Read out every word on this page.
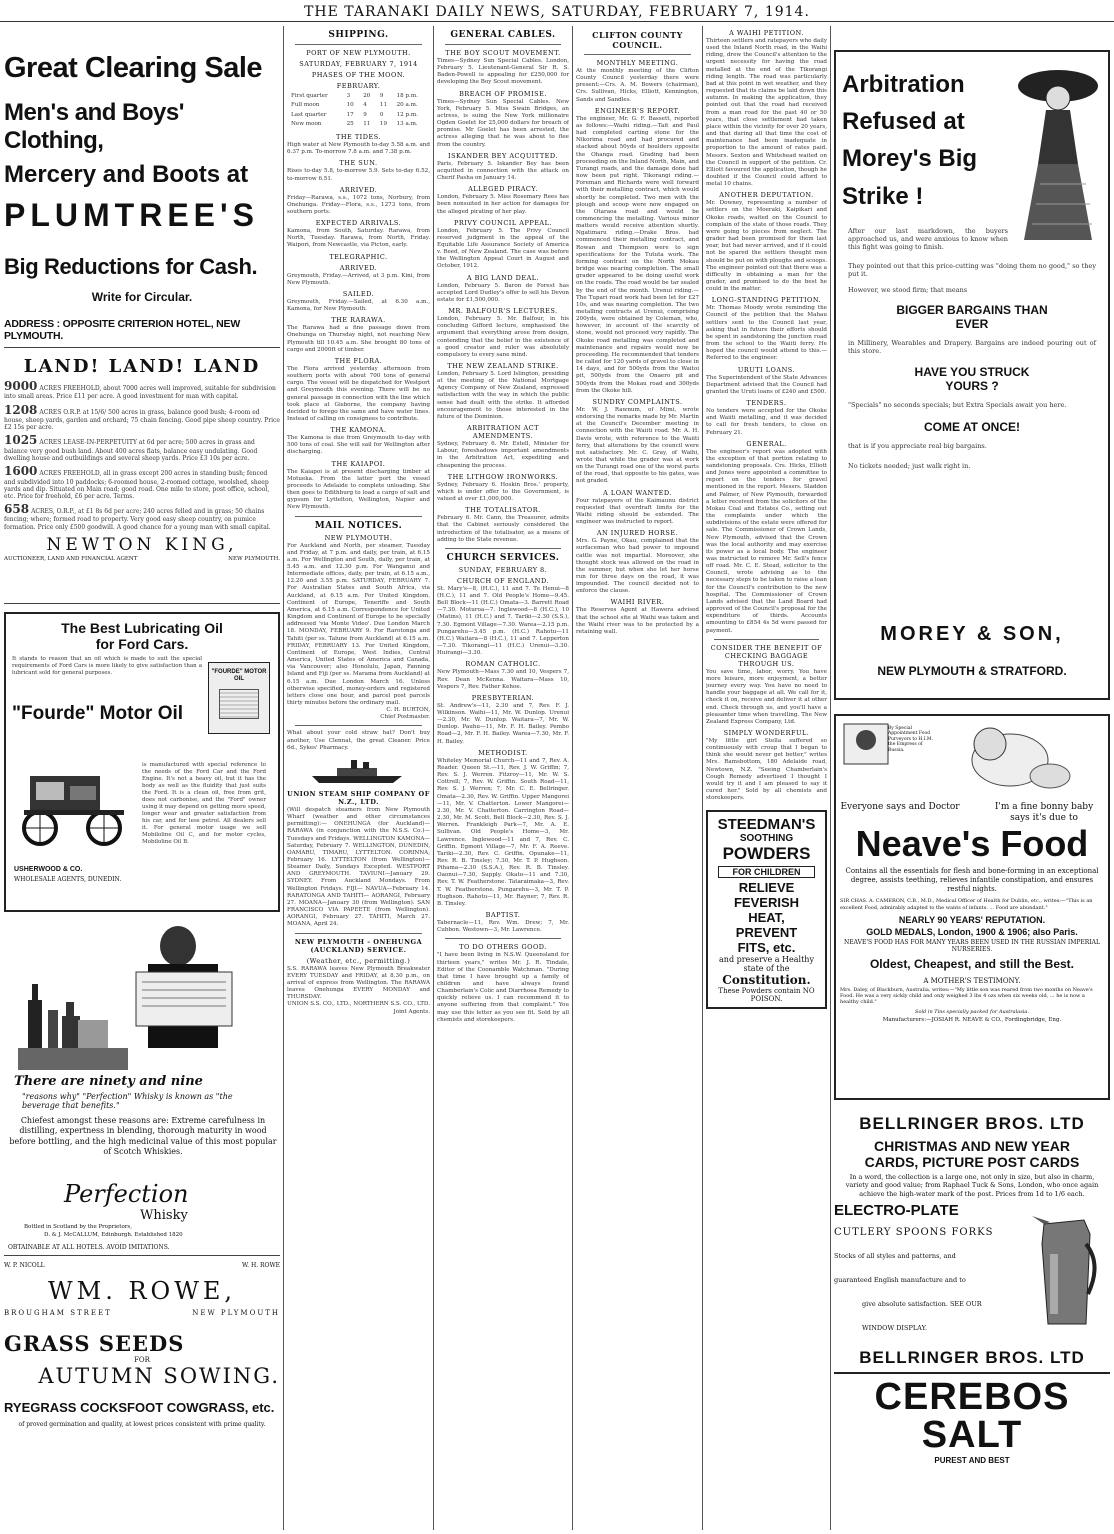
THE TARANAKI DAILY NEWS, SATURDAY, FEBRUARY 7, 1914.
Great Clearing Sale
Men's and Boys' Clothing,
Mercery and Boots at
PLUMTREE'S
Big Reductions for Cash.
Write for Circular.
ADDRESS : OPPOSITE CRITERION HOTEL, NEW PLYMOUTH.
LAND! LAND! LAND
9000 ACRES FREEHOLD, about 7000 acres well improved, suitable for subdivision into small areas. Price £11 per acre. A good investment for man with capital.
1208 ACRES O.R.P. at 15/6/ 500 acres in grass, balance good bush; 4-room ed house, sheep yards, garden and orchard; 75 chain fencing. Good pipe sheep country. Price £2 15s per acre.
1025 ACRES LEASE-IN-PERPETUITY at 6d per acre; 500 acres in grass and balance very good bush land. About 400 acres flats, balance easy undulating. Good dwelling house and outbuildings and several sheep yards. Price £3 10s per acre.
1600 ACRES FREEHOLD, all in grass except 200 acres in standing bush; fenced and subdivided into 10 paddocks; 6-roomed house, 2-roomed cottage, woolshed, sheep yards and dip. Situated on Main road; good road. One mile to store, post office, school, etc. Price for freehold, £6 per acre. Terms.
658 ACRES, O.R.P., at £1 8s 6d per acre; 240 acres felled and in grass; 50 chains fencing; where; formed road to property. Very good easy sheep country, on pumice formation. Price only £500 goodwill. A good chance for a young man with small capital.
NEWTON KING,
AUCTIONEER, LAND AND FINANCIAL AGENT	NEW PLYMOUTH.
The Best Lubricating Oil
for Ford Cars.
"FOURDE" MOTOR OIL
It stands to reason that an oil which is made to suit the special requirements of Ford Cars is more likely to give satisfaction than a lubricant sold for general purposes.
"Fourde" Motor Oil
is manufactured with special reference to the needs of the Ford Car and the Ford Engine. It's not a heavy oil, but it has the body as well as the fluidity that just suits the Ford. It is a clean oil, free from grit, does not carbonise, and the "Ford" owner using it may depend on getting more speed, longer wear and greater satisfaction from his car, and for less petrol. All dealers sell it. For general motor usage we sell Mobiloline Oil C, and for motor cycles, Mobiloline Oil B.
USHERWOOD & CO.
WHOLESALE AGENTS, DUNEDIN.
There are ninety and nine
"reasons why" "Perfection" Whisky is known as "the beverage that benefits."
Chiefest amongst these reasons are: Extreme carefulness in distilling, expertness in blending, thorough maturity in wood before bottling, and the high medicinal value of this most popular of Scotch Whiskies.
Perfection
Whisky
Bottled in Scotland by the Proprietors,
D. & J. McCALLUM, Edinburgh. Established 1820
OBTAINABLE AT ALL HOTELS. AVOID IMITATIONS.
W. P. NICOLL	W. H. ROWE
WM. ROWE,
BROUGHAM STREET	NEW PLYMOUTH
GRASS SEEDS
FOR
AUTUMN SOWING.
RYEGRASS COCKSFOOT COWGRASS, etc.
of proved germination and quality, at lowest prices consistent with prime quality.
SHIPPING.
PORT OF NEW PLYMOUTH.
SATURDAY, FEBRUARY 7, 1914
PHASES OF THE MOON.
FEBRUARY.
First quarter	3	20	9	18 p.m.
Full moon	10	4	11	20 a.m.
Last quarter	17	9	0	12 p.m.
New moon	25	11	19	13 a.m.
THE TIDES.
High water at New Plymouth to-day 5.58 a.m. and 6.37 p.m. To-morrow 7.8 a.m. and 7.38 p.m.
THE SUN.
Rises to-day 5.8, to-morrow 5.9. Sets to-day 6.52, to-morrow 6.51.
ARRIVED.
Friday—Rarawa, s.s., 1072 tons, Norbury, from Onehunga. Friday—Flora, s.s., 1273 tons, from southern ports.
EXPECTED ARRIVALS.
Kamona, from South, Saturday. Rarawa, from North, Tuesday. Rarawa, from North, Friday. Waipori, from Newcastle, via Picton, early.
TELEGRAPHIC.
ARRIVED.
Greymouth, Friday.—Arrived, at 3 p.m. Kini, from New Plymouth.
SAILED.
Greymouth, Friday.—Sailed, at 6.30 a.m., Kamona, for New Plymouth.
THE RARAWA.
The Rarawa had a fine passage down from Onehunga on Thursday night, not reaching New Plymouth till 10.45 a.m. She brought 80 tons of cargo and 2000ft of timber.
THE FLORA.
The Flora arrived yesterday afternoon from southern ports with about 700 tons of general cargo. The vessel will be dispatched for Westport and Greymouth this evening. There will be no general passage in connection with the line which took place at Gisborne, the company having decided to forego the same and have water lines. Instead of calling on consignees to contribute.
THE KAMONA.
The Kamona is due from Greymouth to-day with 500 tons of coal. She will sail for Wellington after discharging.
THE KAIAPOI.
The Kaiapoi is at present discharging timber at Motueka. From the latter port the vessel proceeds to Adelaide to complete unloading. She then goes to Edithburg to load a cargo of salt and gypsum for Lyttelton, Wellington, Napier and New Plymouth.
MAIL NOTICES.
NEW PLYMOUTH.
For Auckland and North, per steamer, Tuesday and Friday, at 7 p.m. and daily, per train, at 6.15 a.m. For Wellington and South, daily, per train, at 5.45 a.m. and 12.30 p.m. For Wanganui and Intermediate offices, daily, per train, at 6.15 a.m., 12.20 and 3.55 p.m. SATURDAY, FEBRUARY 7. For Australian States and South Africa, via Auckland, at 6.15 a.m. For United Kingdom, Continent of Europe, Teneriffe and South America, at 6.15 a.m. Correspondence for United Kingdom and Continent of Europe to be specially addressed 'via Monte Video'. Due London March 18. MONDAY, FEBRUARY 9. For Rarotonga and Tahiti (per ss. Talune from Auckland) at 6.15 a.m. FRIDAY, FEBRUARY 13. For United Kingdom, Continent of Europe, West Indies, Central America, United States of America and Canada, via Vancouver; also Honolulu, Japan, Fanning Island and Fiji (per ss. Marama from Auckland) at 6.15 a.m. Due London March 16. Unless otherwise specified, money-orders and registered letters close one hour, and parcel post parcels thirty minutes before the ordinary mail.
C. H. BURTON,
Chief Postmaster.
What about your cold straw hat? Don't buy another, Use Clennat, the great Cleaner. Price 6d., Sykes' Pharmacy.
UNION STEAM SHIP COMPANY OF N.Z., LTD.
(Will despatch steamers from New Plymouth Wharf (weather and other circumstances permitting):— ONEHUNGA (for Auckland)— RARAWA (in conjunction with the N.S.S. Co.)— Tuesdays and Fridays. WELLINGTON KAMONA—Saturday, February 7. WELLINGTON, DUNEDIN, OAMARU, TIMARU, LYTTELTON. CORINNA, February 16. LYTTELTON (from Wellington)— Steamer Daily, Sundays Excepted. WESTPORT AND GREYMOUTH. TAVIUNI—January 29. SYDNEY. From Auckland Mondays. From Wellington Fridays. FIJI— NAVUA—February 14. RARATONGA AND TAHITI— AORANGI, February 27. MOANA—January 30 (from Wellington). SAN FRANCISCO VIA PAPEETE (from Wellington). AORANGI, February 27. TAHITI, March 27. MOANA, April 24.
NEW PLYMOUTH - ONEHUNGA (AUCKLAND) SERVICE.
(Weather, etc., permitting.)
S.S. RARAWA leaves New Plymouth Breakwater EVERY TUESDAY and FRIDAY, at 8.30 p.m., on arrival of express from Wellington. The RARAWA leaves Onehunga EVERY MONDAY and THURSDAY.
UNION S.S. CO., LTD., NORTHERN S.S. CO., LTD.
Joint Agents.
GENERAL CABLES.
THE BOY SCOUT MOVEMENT.
Times—Sydney Sun Special Cables. London, February 5. Lieutenant-General Sir R. S. Baden-Powell is appealing for £250,000 for developing the Boy Scout movement.
BREACH OF PROMISE.
Times—Sydney Sun Special Cables. New York, February 5. Miss Swain Bridges, an actress, is suing the New York millionaire Ogden Goelet for 25,000 dollars for breach of promise. Mr Goelet has been arrested, the actress alleging that he was about to flee from the country.
ISKANDER BEY ACQUITTED.
Paris, February 5. Iskander Bey has been acquitted in connection with the attack on Cherif Pasha on January 14.
ALLEGED PIRACY.
London, February 5. Miss Rosemary Rees has been nonsuited in her action for damages for the alleged pirating of her play.
PRIVY COUNCIL APPEAL.
London, February 5. The Privy Council reserved judgment in the appeal of the Equitable Life Assurance Society of America v. Reed, of New Zealand. The case was before the Wellington Appeal Court in August and October, 1912.
A BIG LAND DEAL.
London, February 5. Baron de Forest has accepted Lord Dudley's offer to sell his Devon estate for £1,500,000.
MR. BALFOUR'S LECTURES.
London, February 5. Mr. Balfour, in his concluding Gifford lecture, emphasised the argument that everything arose from design, contending that the belief in the existence of a good creator and ruler was absolutely compulsory to every sane mind.
THE NEW ZEALAND STRIKE.
London, February 5. Lord Islington, presiding at the meeting of the National Mortgage Agency Company of New Zealand, expressed satisfaction with the way in which the public sense had dealt with the strike. It afforded encouragement to those interested in the future of the Dominion.
ARBITRATION ACT AMENDMENTS.
Sydney, February 6. Mr. Estell, Minister for Labour, foreshadows important amendments in the Arbitration Act, expediting and cheapening the process.
THE LITHGOW IRONWORKS.
Sydney, February 6. Hoskin Bros.' property, which is under offer to the Government, is valued at over £1,000,000.
THE TOTALISATOR.
February 6. Mr. Cann, the Treasurer, admits that the Cabinet seriously considered the introduction of the totalisator, as a means of adding to the State revenue.
CHURCH SERVICES.
SUNDAY, FEBRUARY 8.
CHURCH OF ENGLAND.
St. Mary's—8, (H.C.), 11 and 7. Te Henui—8 (H.C.), 11 and 7. Old People's Home—9.45. Bell Block—11 (H.C.) Omata—3. Barrett Road—7.30. Moturoa—7. Inglewood—8 (H.C.), 10 (Matins), 11 (H.C.) and 7. Tariki—2.30 (S.S.), 7.30. Egmont Village—7.30. Warea—2.15 p.m. Pungarehu—3.45 p.m. (H.C.) Rahotu—11 (H.C.) Waitara—8 (H.C.), 11 and 7. Lepperton—7.30. Tikorangi—11 (H.C.) Urenui—3.30. Huirangi—3.30.
ROMAN CATHOLIC.
New Plymouth—Mass 7.30 and 10, Vespers 7, Rev. Dean McKenna. Waitara—Mass 10, Vespers 7, Rev. Father Kehoe.
PRESBYTERIAN.
St. Andrew's—11, 2.30 and 7, Rev. F. J. Wilkinson. Waihi—11, Mr. W. Dunlop. Urenui—2.30, Mr. W. Dunlop. Waitara—7, Mr. W. Dunlop. Pauhu—11, Mr. F. H. Bailey. Pembo Road—2, Mr. F. H. Bailey. Warea—7.30, Mr. F. H. Bailey.
METHODIST.
Whiteley Memorial Church—11 and 7, Rev. A. Reader. Queen St.—11, Rev. J. W. Griffin; 7, Rev. S. J. Werren. Fitzroy—11, Mr. W. S. Cottrell; 7, Rev. W. Griffin. South Road—11, Rev. S. J. Werren; 7, Mr. C. E. Bellringer. Omata—2.30, Rev. W. Griffin. Upper Mangorei—11, Mr. V. Chatterton. Lower Mangorei—2.30, Mr. V. Chatterton. Carrington Road—2.30, Mr. M. Scott. Bell Block—2.30, Rev. S. J. Werren. Frankleigh Park—7, Mr. A. E. Sullivan. Old People's Home—3, Mr. Lawrence. Inglewood—11 and 7, Rev. C. Griffin. Egmont Village—7, Mr. F. A. Reeve. Tariki—2.30, Rev. C. Griffin. Opunake—11, Rev. R. B. Tinsley; 7.30, Mr. T. P. Hughson. Pihama—2.30 (S.S.A.), Rev. R. B. Tinsley. Oaonui—7.30, Supply. Okato—11 and 7.30, Rev. T. W. Featherstone. Tataraimaka—3, Rev. T. W. Featherstone. Pungarehu—3, Mr. T. P. Hughson. Rahotu—11, Mr. Rayner; 7, Rev. R. B. Tinsley.
BAPTIST.
Tabernacle—11, Rev. Wm. Drew; 7, Mr. Cubbon. Westown—3, Mr. Lawrence.
TO DO OTHERS GOOD.
"I have been living in N.S.W. Queensland for thirteen years," writes Mr. J. R. Tindale, Editor of the Coonamble Watchman. "During that time I have brought up a family of children and have always found Chamberlain's Colic and Diarrhoea Remedy to quickly relieve us. I can recommend it to anyone suffering from that complaint." You may use this letter as you see fit. Sold by all chemists and storekeepers.
CLIFTON COUNTY COUNCIL.
MONTHLY MEETING.
At the monthly meeting of the Clifton County Council yesterday there were present:—Crs. A. M. Bowers (chairman), Crs. Sullivan, Hicks, Elliott, Kennington, Sands and Sandles.
ENGINEER'S REPORT.
The engineer, Mr. G. F. Bassett, reported as follows:—Waihi riding.—Tait and Paul had completed carting stone for the Nikorima road and had procured and stacked about 50yds of boulders opposite the Ohanga road. Grading had been proceeding on the Inland North, Main, and Turangi roads, and the damage done had now been put right. Tikorangi riding.—Foreman and Richards were well forward with their metalling contract, which would shortly be completed. Two men with the plough and scoop were now engaged on the Otaraoa road and would be commencing the metalling. Various minor matters would receive attention shortly. Ngatimaru riding.—Drake Bros. had commenced their metalling contract, and Rowan and Thompson were to sign specifications for the Tututa work. The forming contract on the North Mokau bridge was nearing completion. The small grader appeared to be doing useful work on the roads. The road would be tar sealed by the end of the month. Urenui riding.—The Tupari road work had been let for £27 10s, and was nearing completion. The two metalling contracts at Urenui, comprising 200yds, were obtained by Coleman, who, however, in account of the scarcity of stone, would not proceed very rapidly. The Okoke road metalling was completed and maintenance and repairs would now be proceeding. He recommended that tenders be called for 120 yards of gravel to close in 14 days, and for 500yds from the Waitoi pit, 500yds from the Onaero pit and 500yds from the Mokau road and 300yds from the Okoke hill.
SUNDRY COMPLAINTS.
Mr. W. J. Rawnum, of Mimi, wrote endorsing the remarks made by Mr. Martin at the Council's December meeting in connection with the Waiiti road. Mr. A. H. Davis wrote, with reference to the Waiiti ferry, that alterations by the council were not satisfactory. Mr. C. Gray, of Waihi, wrote that while the grader was at work on the Turangi road one of the worst parts of the road, that opposite to his gates, was not graded.
A LOAN WANTED.
Four ratepayers of the Kaimaunu district requested that overdraft limits for the Waihi riding should be extended. The engineer was instructed to report.
AN INJURED HORSE.
Mrs. G. Payne, Okau, complained that the surfaceman who had power to impound cattle was not impartial. Moreover, she thought stock was allowed on the road in the summer, but when she let her horse run for three days on the road, it was impounded. The council decided not to enforce the clause.
WAIHI RIVER.
The Reserves Agent at Hawera advised that the school site at Waihi was taken and the Waihi river was to be protected by a retaining wall.
A WAIHI PETITION.
Thirteen settlers and ratepayers who daily used the Inland North road, in the Waihi riding, drew the Council's attention to the urgent necessity for having the road metalled at the end of the Tikorangi riding length. The road was particularly bad at this point in wet weather, and they requested that its claims be laid down this autumn. In making the application, they pointed out that the road had received from a man road for the past 40 or 50 years, that close settlement had taken place within the vicinity for over 20 years, and that during all that time the cost of maintenance had been inadequate in proportion to the amount of rates paid. Messrs. Sexton and Whitehead waited on the Council in support of the petition. Cr. Elliott favoured the application, though he doubted if the Council could afford to metal 10 chains.
ANOTHER DEPUTATION.
Mr. Downey, representing a number of settlers on the Moeraki, Kaipikari and Okoke roads, waited on the Council to complain of the state of those roads. They were going to pieces from neglect. The grader had been promised for them last year, but had never arrived, and if it could not be spared the settlers thought men should be put on with ploughs and scoops. The engineer pointed out that there was a difficulty in obtaining a man for the grader, and promised to do the best he could in the matter.
LONG-STANDING PETITION.
Mr. Thomas Moody wrote reminding the Council of the petition that the Mahau settlers sent to the Council last year, asking that in future their efforts should be spent in sandstoning the junction road from the school to the Waiiti ferry. He hoped the council would attend to this.—Referred to the engineer.
URUTI LOANS.
The Superintendent of the State Advances Department advised that the Council had granted the Uruti loans of £240 and £500.
TENDERS.
No tenders were accepted for the Okoke and Waiiti metalling, and it was decided to call for fresh tenders, to close on February 21.
GENERAL.
The engineer's report was adopted with the exception of that portion relating to sandstoning proposals. Crs. Hicks, Elliott and Jones were appointed a committee to report on the tenders for gravel mentioned in the report. Messrs. Sladden and Palmer, of New Plymouth, forwarded a letter received from the solicitors of the Mokau Coal and Estates Co., setting out the complaints under which the subdivisions of the estate were offered for sale. The Commissioner of Crown Lands, New Plymouth, advised that the Crown was the local authority and may exercise its power as a local body. The engineer was instructed to remove Mr. Sell's fence off road. Mr. C. E. Stead, solicitor to the Council, wrote advising as to the necessary steps to be taken to raise a loan for the Council's contribution to the new hospital. The Commissioner of Crown Lands advised that the Land Board had approved of the Council's proposal for the expenditure of thirds. Accounts amounting to £854 4s 5d were passed for payment.
CONSIDER THE BENEFIT OF CHECKING BAGGAGE THROUGH US.
You save time, labor, worry. You have more leisure, more enjoyment, a better journey every way. You have no need to handle your baggage at all. We call for it, check it on, receive and deliver it at other end. Check through us, and you'll have a pleasanter time when travelling. The New Zealand Express Company, Ltd.
SIMPLY WONDERFUL.
"My little girl Stella suffered so continuously with croup that I began to think she would never get better," writes Mrs. Ramsbottom, 180 Adelaide road, Newtown, N.Z. "Seeing Chamberlain's Cough Remedy advertised I thought I would try it and I am pleased to say it cured her." Sold by all chemists and storekeepers.
STEEDMAN'S
SOOTHING
POWDERS
FOR CHILDREN
RELIEVE
FEVERISH
HEAT,
PREVENT
FITS, etc.
and preserve a Healthy state of the
Constitution.
These Powders contain NO POISON.
Arbitration
Refused at
Morey's Big
Strike !
After our last markdown, the buyers approached us, and were anxious to know when this fight was going to finish.
They pointed out that this price-cutting was "doing them no good," so they put it.
However, we stood firm; that means
BIGGER BARGAINS THAN EVER
in Millinery, Wearables and Drapery. Bargains are indeed pouring out of this store.
HAVE YOU STRUCK YOURS ?
"Specials" no seconds specials; but Extra Specials await you here.
COME AT ONCE!
that is if you appreciate real big bargains.
No tickets needed; just walk right in.
MOREY & SON,
NEW PLYMOUTH & STRATFORD.
By Special Appointment Food Purveyors to H.I.M. the Empress of Russia.
Everyone says and Doctor	I'm a fine bonny baby says it's due to
Neave's Food
Contains all the essentials for flesh and bone-forming in an exceptional degree, assists teething, relieves infantile constipation, and ensures restful nights.
SIR CHAS. A. CAMERON, C.B., M.D., Medical Officer of Health for Dublin, etc., writes:—"This is an excellent Food, admirably adapted to the wants of infants. ... Food are abundant."
NEARLY 90 YEARS' REPUTATION.
GOLD MEDALS, London, 1900 & 1906; also Paris.
NEAVE'S FOOD HAS FOR MANY YEARS BEEN USED IN THE RUSSIAN IMPERIAL NURSERIES.
Oldest, Cheapest, and still the Best.
A MOTHER'S TESTIMONY.
Mrs. Daley, of Blackburn, Australia, writes:—"My little son was reared from two months on Neave's Food. He was a very sickly child and only weighed 3 lbs 4 ozs when six weeks old, ... he is now a healthy child."
Sold in Tins specially packed for Australasia.
Manufacturers:—JOSIAH R. NEAVE & CO., Fordingbridge, Eng.
BELLRINGER BROS. LTD
CHRISTMAS AND NEW YEAR
CARDS, PICTURE POST CARDS
In a word, the collection is a large one, not only in size, but also in charm, variety and good value; from Raphael Tuck & Sons, London, who once again achieve the high-water mark of the post. Prices from 1d to 1/6 each.
ELECTRO-PLATE
CUTLERY SPOONS FORKS
Stocks of all styles and patterns, and
guaranteed English manufacture and to
give absolute satisfaction. SEE OUR
WINDOW DISPLAY.
BELLRINGER BROS. LTD
CEREBOS SALT
PUREST AND BEST
